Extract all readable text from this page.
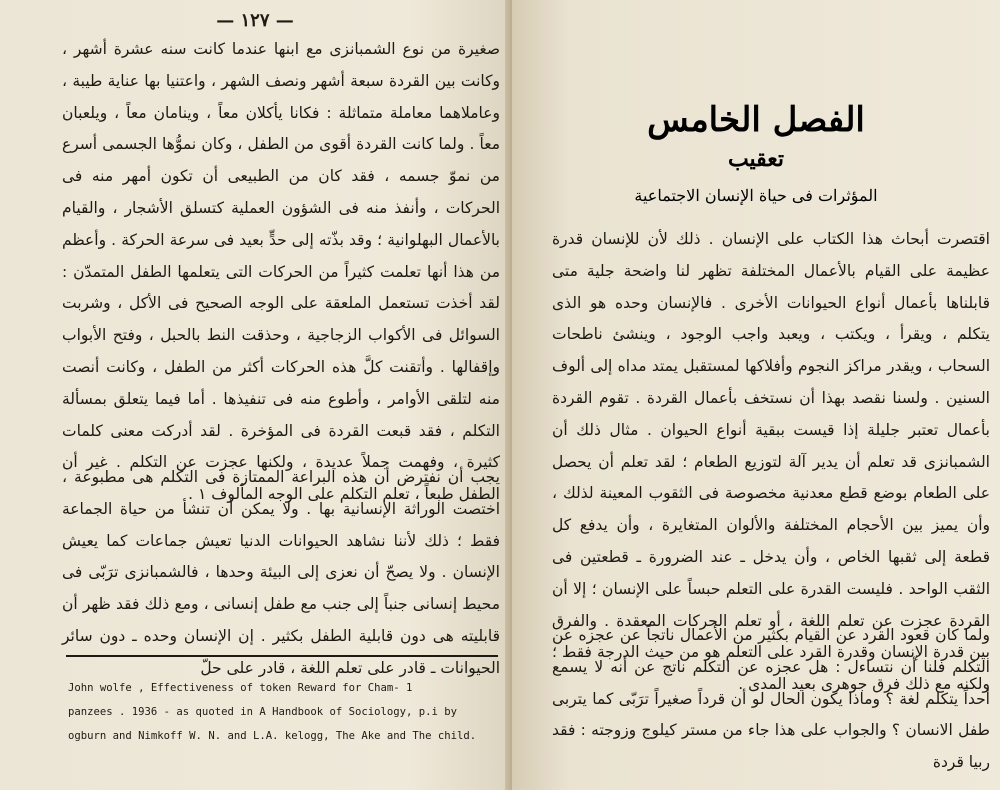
— ١٢٧ —

صغيرة من نوع الشمبانزى مع ابنها عندما كانت سنه عشرة أشهر ، وكانت بين القردة سبعة أشهر ونصف الشهر ، واعتنيا بها عناية طيبة ، وعاملاهما معاملة متماثلة : فكانا يأكلان معاً ، وينامان معاً ، ويلعبان معاً . ولما كانت القردة أقوى من الطفل ، وكان نموُّها الجسمى أسرع من نموّ جسمه ، فقد كان من الطبيعى أن تكون أمهر منه فى الحركات ، وأنفذ منه فى الشؤون العملية كتسلق الأشجار ، والقيام بالأعمال البهلوانية ؛ وقد بذّته إلى حدٍّ بعيد فى سرعة الحركة . وأعظم من هذا أنها تعلمت كثيراً من الحركات التى يتعلمها الطفل المتمدّن : لقد أخذت تستعمل الملعقة على الوجه الصحيح فى الأكل ، وشربت السوائل فى الأكواب الزجاجية ، وحذقت النط بالحبل ، وفتح الأبواب وإقفالها . وأتقنت كلَّ هذه الحركات أكثر من الطفل ، وكانت أنصت منه لتلقى الأوامر ، وأطوع منه فى تنفيذها . أما فيما يتعلق بمسألة التكلم ، فقد قبعت القردة فى المؤخرة . لقد أدركت معنى كلمات كثيرة ، وفهمت جملاً عديدة ، ولكنها عجزت عن التكلم . غير أن الطفل طبعاً ، تعلم التكلم على الوجه المألوف ١ .

يجب أن نفترض أن هذه البراعة الممتازة فى التكلم هى مطبوعة ، اختصت الوراثة الإنسانية بها . ولا يمكن أن تنشأ من حياة الجماعة فقط ؛ ذلك لأننا نشاهد الحيوانات الدنيا تعيش جماعات كما يعيش الإنسان . ولا يصحّ أن نعزى إلى البيئة وحدها ، فالشمبانزى ترَبّى فى محيط إنسانى جنباً إلى جنب مع طفل إنسانى ، ومع ذلك فقد ظهر أن قابليته هى دون قابلية الطفل بكثير . إن الإنسان وحده ـ دون سائر الحيوانات ـ قادر على تعلم اللغة ، قادر على حلّ

John wolfe , Effectiveness of token Reward for Cham- 1
panzees . 1936 - as quoted in A Handbook of Sociology, p.i by
ogburn and Nimkoff W. N. and L.A. kelogg, The Ake and The child.

اقتصرت أبحاث هذا الكتاب على الإنسان . ذلك لأن للإنسان قدرة عظيمة على القيام بالأعمال المختلفة تظهر لنا واضحة جلية متى قابلناها بأعمال أنواع الحيوانات الأخرى . فالإنسان وحده هو الذى يتكلم ، ويقرأ ، ويكتب ، ويعبد واجب الوجود ، وينشئ ناطحات السحاب ، ويقدر مراكز النجوم وأفلاكها لمستقبل يمتد مداه إلى ألوف السنين . ولسنا نقصد بهذا أن نستخف بأعمال القردة . تقوم القردة بأعمال تعتبر جليلة إذا قيست ببقية أنواع الحيوان . مثال ذلك أن الشمبانزى قد تعلم أن يدير آلة لتوزيع الطعام ؛ لقد تعلم أن يحصل على الطعام بوضع قطع معدنية مخصوصة فى الثقوب المعينة لذلك ، وأن يميز بين الأحجام المختلفة والألوان المتغايرة ، وأن يدفع كل قطعة إلى ثقبها الخاص ، وأن يدخل ـ عند الضرورة ـ قطعتين فى الثقب الواحد . فليست القدرة على التعلم حبساً على الإنسان ؛ إلا أن القردة عجزت عن تعلم اللغة ، أو تعلم الحركات المعقدة . والفرق بين قدرة الإنسان وقدرة القرد على التعلم هو من حيث الدرجة فقط ؛ ولكنه مع ذلك فرق جوهرى بعيد المدى .

ولما كان قعود القرد عن القيام بكثير من الأعمال ناتجاً عن عجزه عن التكلم فلنا أن نتساءل : هل عجزه عن التكلم ناتج عن أنه لا يسمع أحداً يتكلم لغة ؟ وماذا يكون الحال لو أن قرداً صغيراً ترَبّى كما يتربى طفل الانسان ؟ والجواب على هذا جاء من مستر كيلوج وزوجته : فقد ربيا قردة

الفصل الخامس
تعقيب
المؤثرات فى حياة الإنسان الاجتماعية
